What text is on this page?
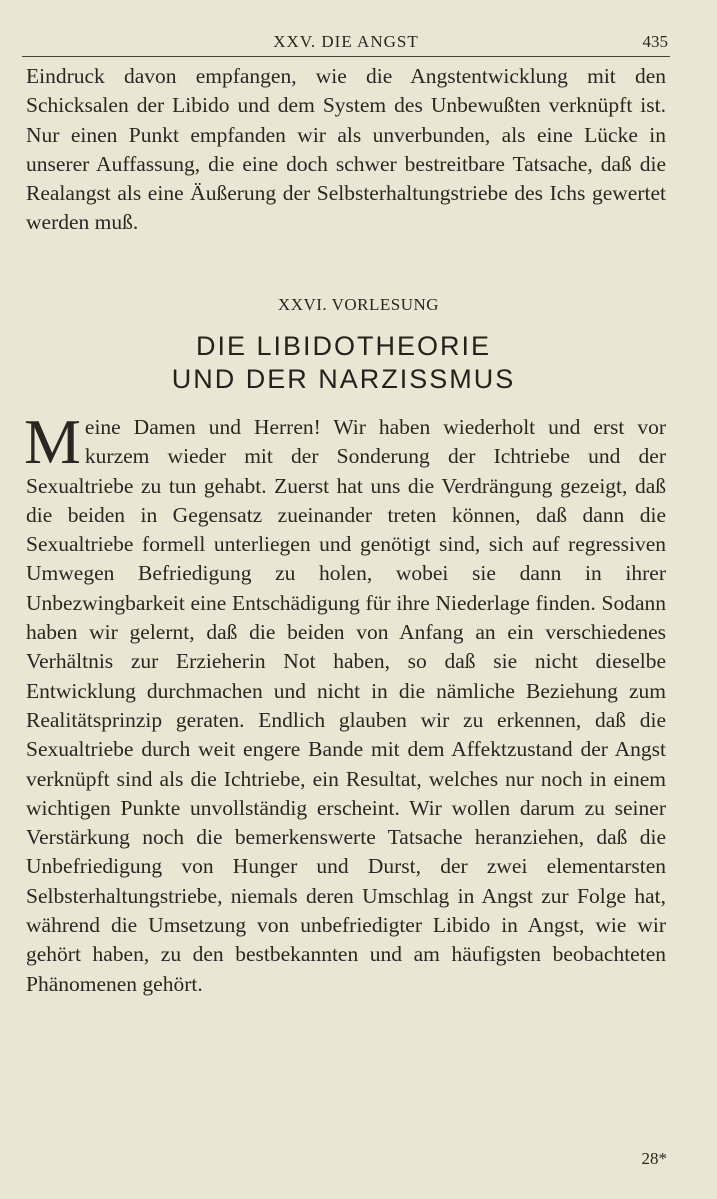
XXV. DIE ANGST	435

Eindruck davon empfangen, wie die Angstentwicklung mit den Schicksalen der Libido und dem System des Unbewußten verknüpft ist. Nur einen Punkt empfanden wir als unverbunden, als eine Lücke in unserer Auffassung, die eine doch schwer bestreitbare Tatsache, daß die Realangst als eine Äußerung der Selbsterhaltungstriebe des Ichs gewertet werden muß.

XXVI. VORLESUNG
DIE LIBIDOTHEORIE
UND DER NARZISSMUS

Meine Damen und Herren! Wir haben wiederholt und erst vor kurzem wieder mit der Sonderung der Ichtriebe und der Sexualtriebe zu tun gehabt. Zuerst hat uns die Verdrängung gezeigt, daß die beiden in Gegensatz zueinander treten können, daß dann die Sexualtriebe formell unterliegen und genötigt sind, sich auf regressiven Umwegen Befriedigung zu holen, wobei sie dann in ihrer Unbezwingbarkeit eine Entschädigung für ihre Niederlage finden. Sodann haben wir gelernt, daß die beiden von Anfang an ein verschiedenes Verhältnis zur Erzieherin Not haben, so daß sie nicht dieselbe Entwicklung durchmachen und nicht in die nämliche Beziehung zum Realitätsprinzip geraten. Endlich glauben wir zu erkennen, daß die Sexualtriebe durch weit engere Bande mit dem Affektzustand der Angst verknüpft sind als die Ichtriebe, ein Resultat, welches nur noch in einem wichtigen Punkte unvollständig erscheint. Wir wollen darum zu seiner Verstärkung noch die bemerkenswerte Tatsache heranziehen, daß die Unbefriedigung von Hunger und Durst, der zwei elementarsten Selbsterhaltungstriebe, niemals deren Umschlag in Angst zur Folge hat, während die Umsetzung von unbefriedigter Libido in Angst, wie wir gehört haben, zu den bestbekannten und am häufigsten beobachteten Phänomenen gehört.

28*
